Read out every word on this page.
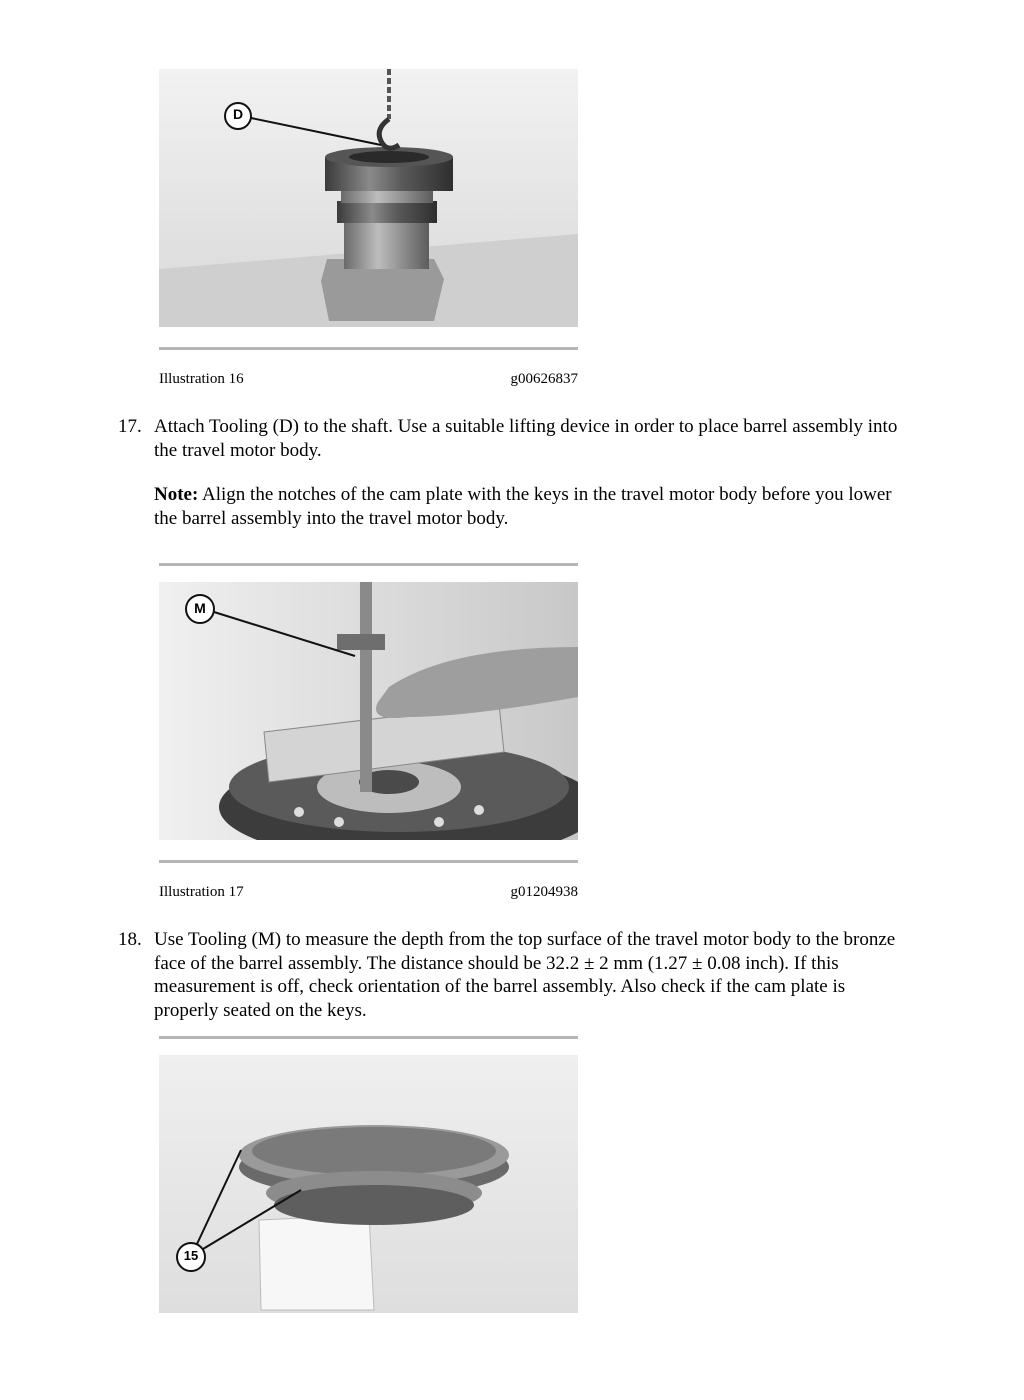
D
Illustration 16	g00626837
17. Attach Tooling (D) to the shaft. Use a suitable lifting device in order to place barrel assembly into the travel motor body.
Note: Align the notches of the cam plate with the keys in the travel motor body before you lower the barrel assembly into the travel motor body.
M
Illustration 17	g01204938
18. Use Tooling (M) to measure the depth from the top surface of the travel motor body to the bronze face of the barrel assembly. The distance should be 32.2 ± 2 mm (1.27 ± 0.08 inch). If this measurement is off, check orientation of the barrel assembly. Also check if the cam plate is properly seated on the keys.
15
